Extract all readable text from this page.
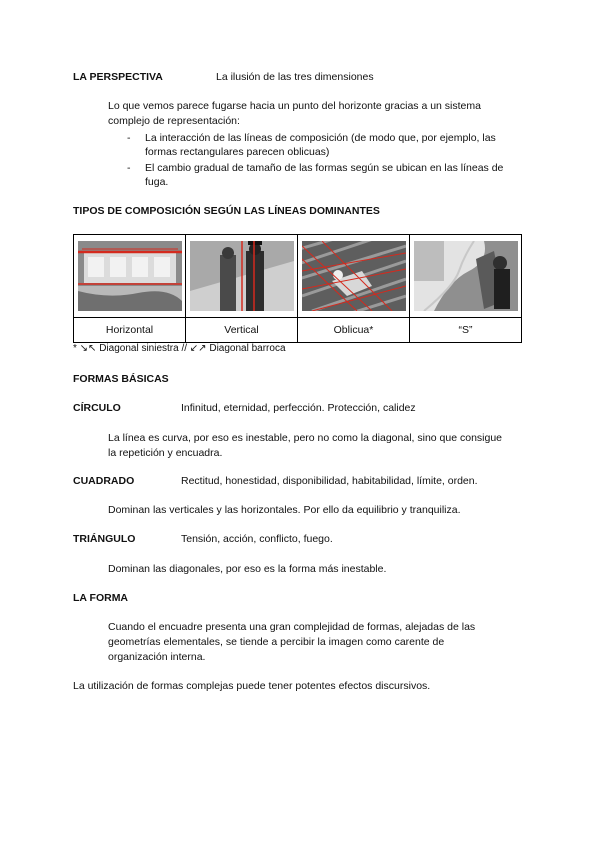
LA PERSPECTIVA	La ilusión de las tres dimensiones
Lo que vemos parece fugarse hacia un punto del horizonte gracias a un sistema
complejo de representación:
- La interacción de las líneas de composición (de modo que, por ejemplo, las
formas rectangulares parecen oblicuas)
- El cambio gradual de tamaño de las formas según se ubican en las líneas de
fuga.
TIPOS DE COMPOSICIÓN SEGÚN LAS LÍNEAS DOMINANTES

Horizontal	Vertical	Oblicua*	“S”
* ↘↖ Diagonal siniestra // ↙↗ Diagonal barroca
FORMAS BÁSICAS
CÍRCULO	Infinitud, eternidad, perfección. Protección, calidez
La línea es curva, por eso es inestable, pero no como la diagonal, sino que consigue
la repetición y encuadra.
CUADRADO	Rectitud, honestidad, disponibilidad, habitabilidad, límite, orden.
Dominan las verticales y las horizontales. Por ello da equilibrio y tranquiliza.
TRIÁNGULO	Tensión, acción, conflicto, fuego.
Dominan las diagonales, por eso es la forma más inestable.
LA FORMA
Cuando el encuadre presenta una gran complejidad de formas, alejadas de las
geometrías elementales, se tiende a percibir la imagen como carente de
organización interna.
La utilización de formas complejas puede tener potentes efectos discursivos.
